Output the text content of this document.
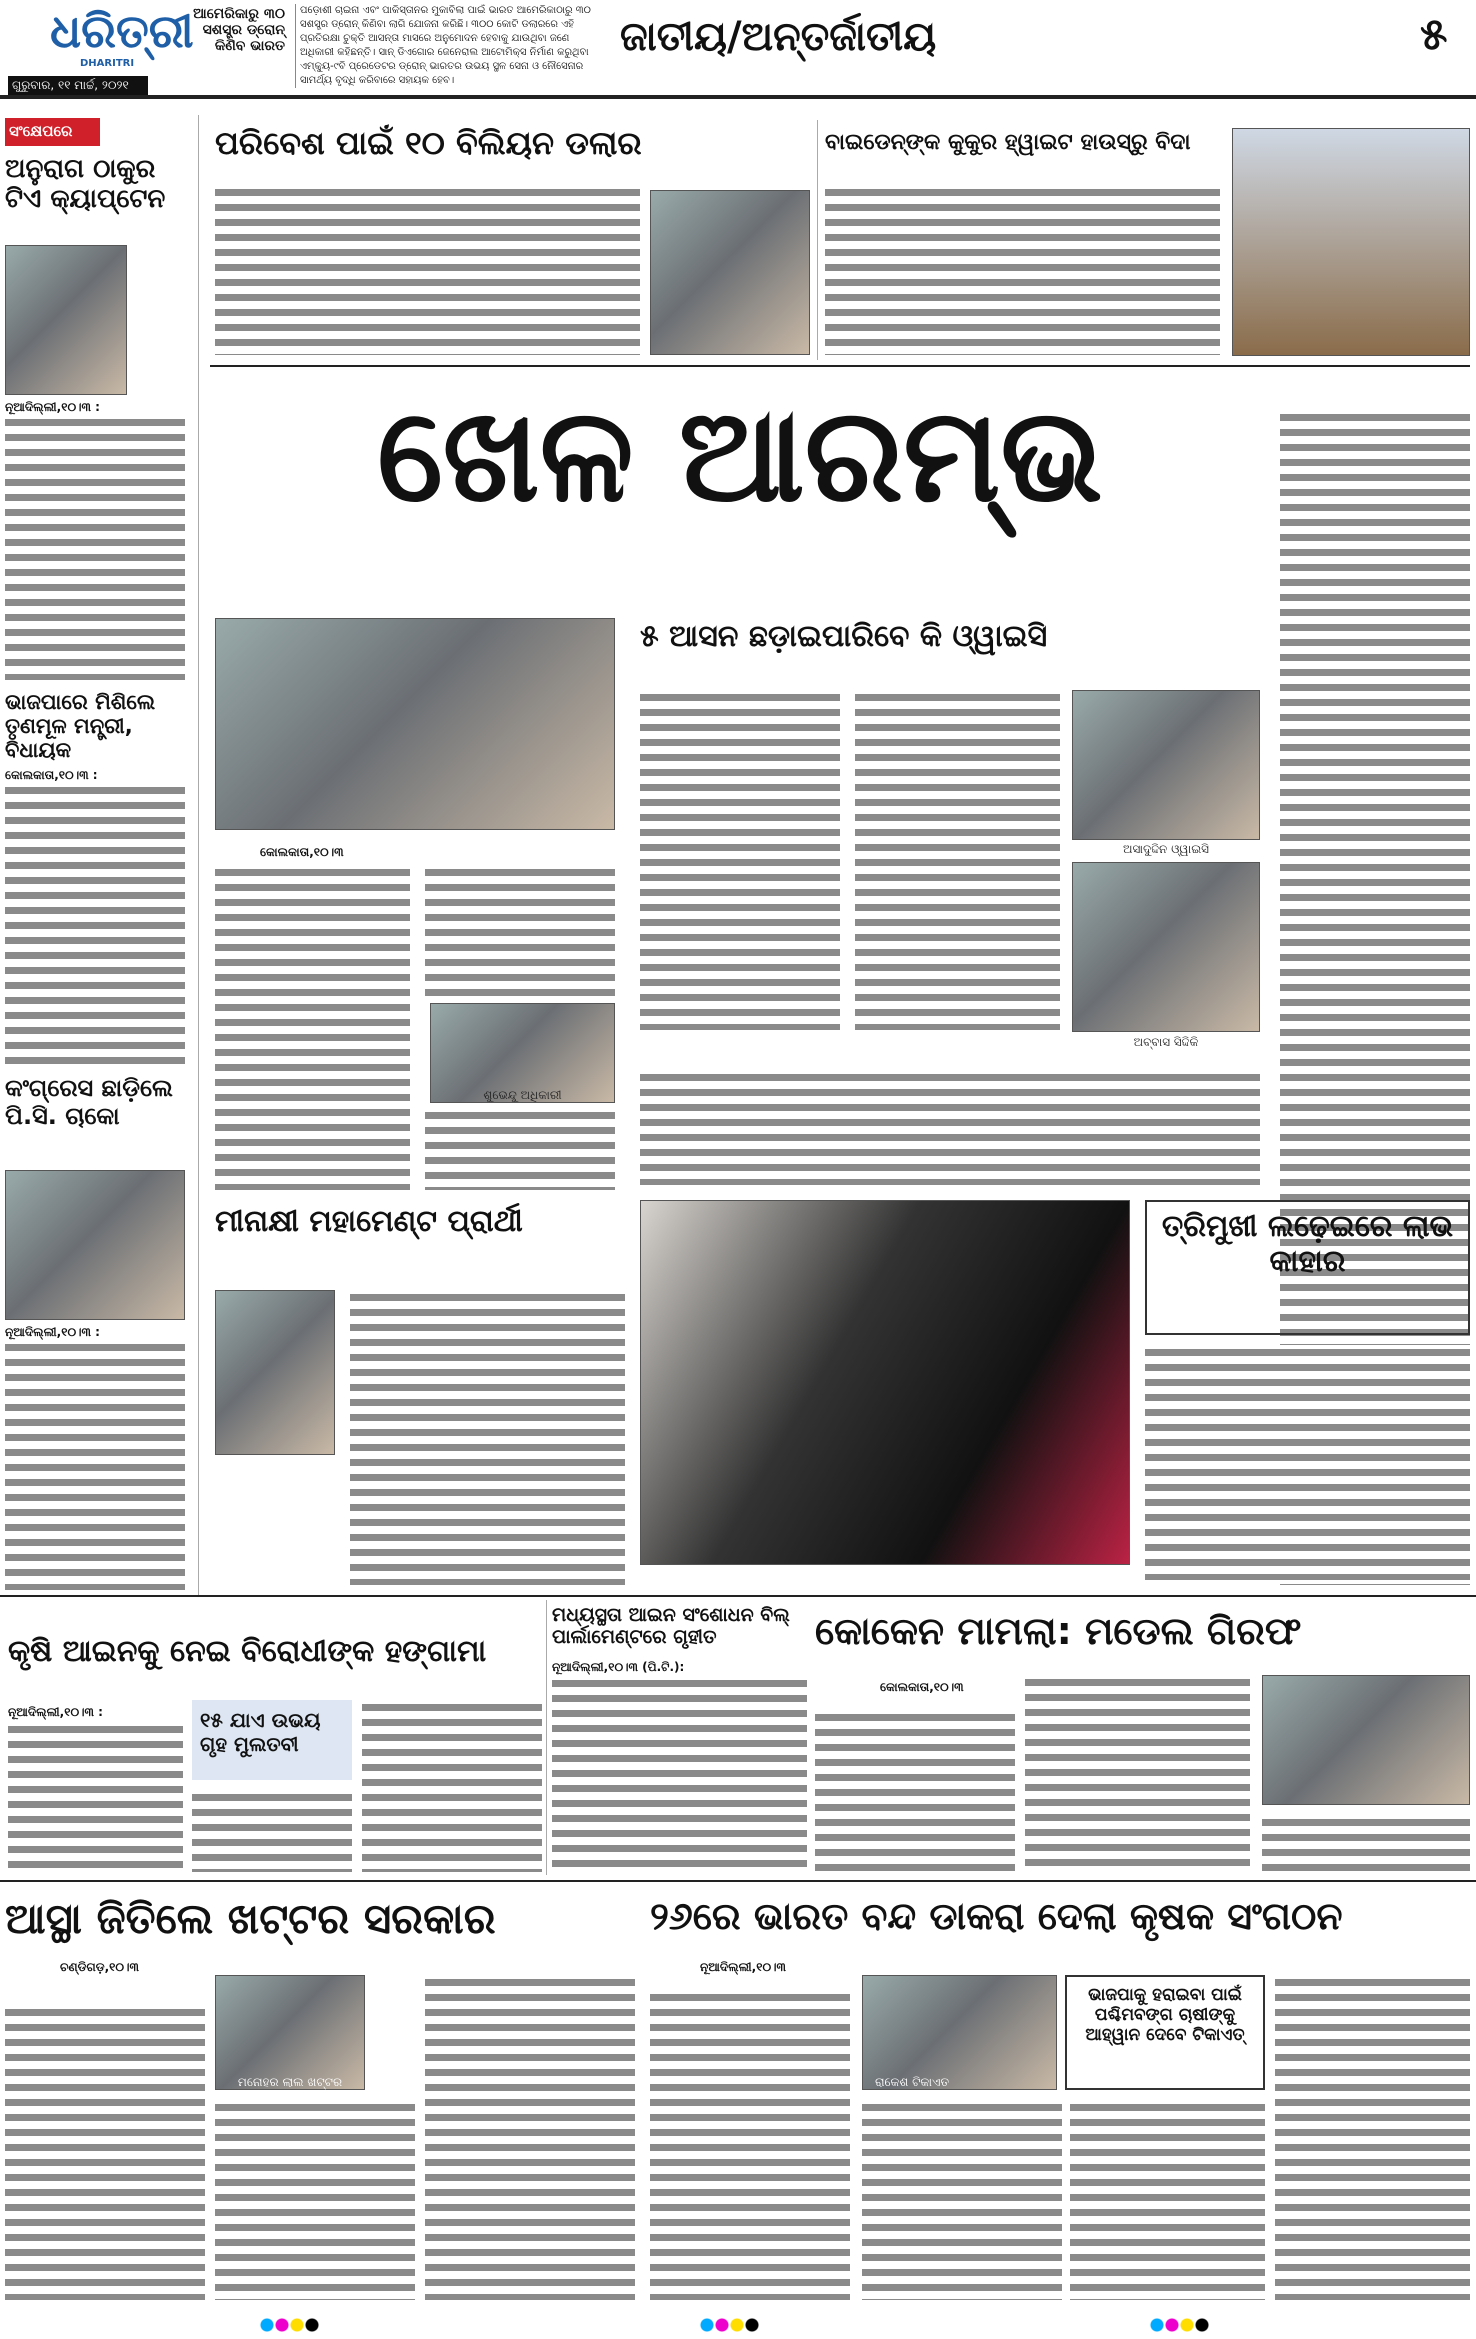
ଧରିତ୍ରୀ
DHARITRI
ଗୁରୁବାର, ୧୧ ମାର୍ଚ୍ଚ, ୨୦୨୧
ଆମେରିକାରୁ ୩୦ ସଶସ୍ତ୍ର ଡ୍ରୋନ୍ କିଣିବ ଭାରତ
ପଡ଼ୋଶୀ ଚାଇନା ଏବଂ ପାକିସ୍ତାନର ମୁକାବିଲା ପାଇଁ ଭାରତ ଆମେରିକାଠାରୁ ୩୦ ସଶସ୍ତ୍ର ଡ୍ରୋନ୍ କିଣିବା ଲାଗି ଯୋଜନା କରିଛି। ୩୦୦ କୋଟି ଡଲାରରେ ଏହି ପ୍ରତିରକ୍ଷା ଚୁକ୍ତି ଆସନ୍ତା ମାସରେ ଅନୁମୋଦନ ହେବାକୁ ଯାଉଥିବା ଜଣେ ଅଧିକାରୀ କହିଛନ୍ତି। ସାନ୍ ଡିଏଗୋର ଜେନେରାଲ ଆଟୋମିକ୍ସ ନିର୍ମାଣ କରୁଥିବା ଏମ୍କ୍ୟୁ-୯ବି ପ୍ରେଡେଟର ଡ୍ରୋନ୍ ଭାରତର ଉଭୟ ସ୍ଥଳ ସେନା ଓ ନୌସେନାର ସାମର୍ଥ୍ୟ ବୃଦ୍ଧି କରିବାରେ ସହାୟକ ହେବ।
ଜାତୀୟ/ଅନ୍ତର୍ଜାତୀୟ	୫
ସଂକ୍ଷେପରେ
ଅନୁରାଗ ଠାକୁର ଟିଏ କ୍ୟାପ୍ଟେନ
ନୂଆଦିଲ୍ଲୀ,୧୦।୩ :
ଭାଜପାରେ ମିଶିଲେ ତୃଣମୂଳ ମନ୍ତ୍ରୀ, ବିଧାୟକ
କୋଲକାତା,୧୦।୩ :
କଂଗ୍ରେସ ଛାଡ଼ିଲେ ପି.ସି. ଚାକୋ
ନୂଆଦିଲ୍ଲୀ,୧୦।୩ :
ପରିବେଶ ପାଇଁ ୧୦ ବିଲିୟନ ଡଲାର	ବାଇଡେନ୍‌ଙ୍କ କୁକୁର ହ୍ୱାଇଟ ହାଉସ୍‌ରୁ ବିଦା
ଖେଳ ଆରମ୍ଭ
୫ ଆସନ ଛଡ଼ାଇପାରିବେ କି ଓ୍ୱାଇସି
ଅସାଦୁଦ୍ଦିନ ଓ୍ୱାଇସି
ଅବ୍ବାସ ସିଦ୍ଦିକି
କୋଲକାତା,୧୦।୩
ଶୁଭେନ୍ଦୁ ଅଧିକାରୀ
ମୀନାକ୍ଷୀ ମହାମେଣ୍ଟ ପ୍ରାର୍ଥୀ	ତ୍ରିମୁଖୀ ଲଢ଼େଇରେ ଲାଭ କାହାର
କୃଷି ଆଇନକୁ ନେଇ ବିରୋଧୀଙ୍କ ହଙ୍ଗାମା
ନୂଆଦିଲ୍ଲୀ,୧୦।୩ :	୧୫ ଯାଏ ଉଭୟ ଗୃହ ମୁଲତବୀ
ମଧ୍ୟସ୍ଥତା ଆଇନ ସଂଶୋଧନ ବିଲ୍ ପାର୍ଲାମେଣ୍ଟରେ ଗୃହୀତ
ନୂଆଦିଲ୍ଲୀ,୧୦।୩ (ପି.ଟି.):
କୋକେନ ମାମଲା: ମଡେଲ ଗିରଫ
କୋଲକାତା,୧୦।୩
ଆସ୍ଥା ଜିତିଲେ ଖଟ୍ଟର ସରକାର
ଚଣ୍ଡିଗଡ଼,୧୦।୩
ମନୋହର ଲାଲ ଖଟ୍ଟର
୨୬ରେ ଭାରତ ବନ୍ଦ ଡାକରା ଦେଲା କୃଷକ ସଂଗଠନ
ନୂଆଦିଲ୍ଲୀ,୧୦।୩
ରାକେଶ ଟିକାଏତ
ଭାଜପାକୁ ହରାଇବା ପାଇଁ ପଶ୍ଚିମବଙ୍ଗ ଚାଷୀଙ୍କୁ ଆହ୍ୱାନ ଦେବେ ଟିକାଏତ୍
